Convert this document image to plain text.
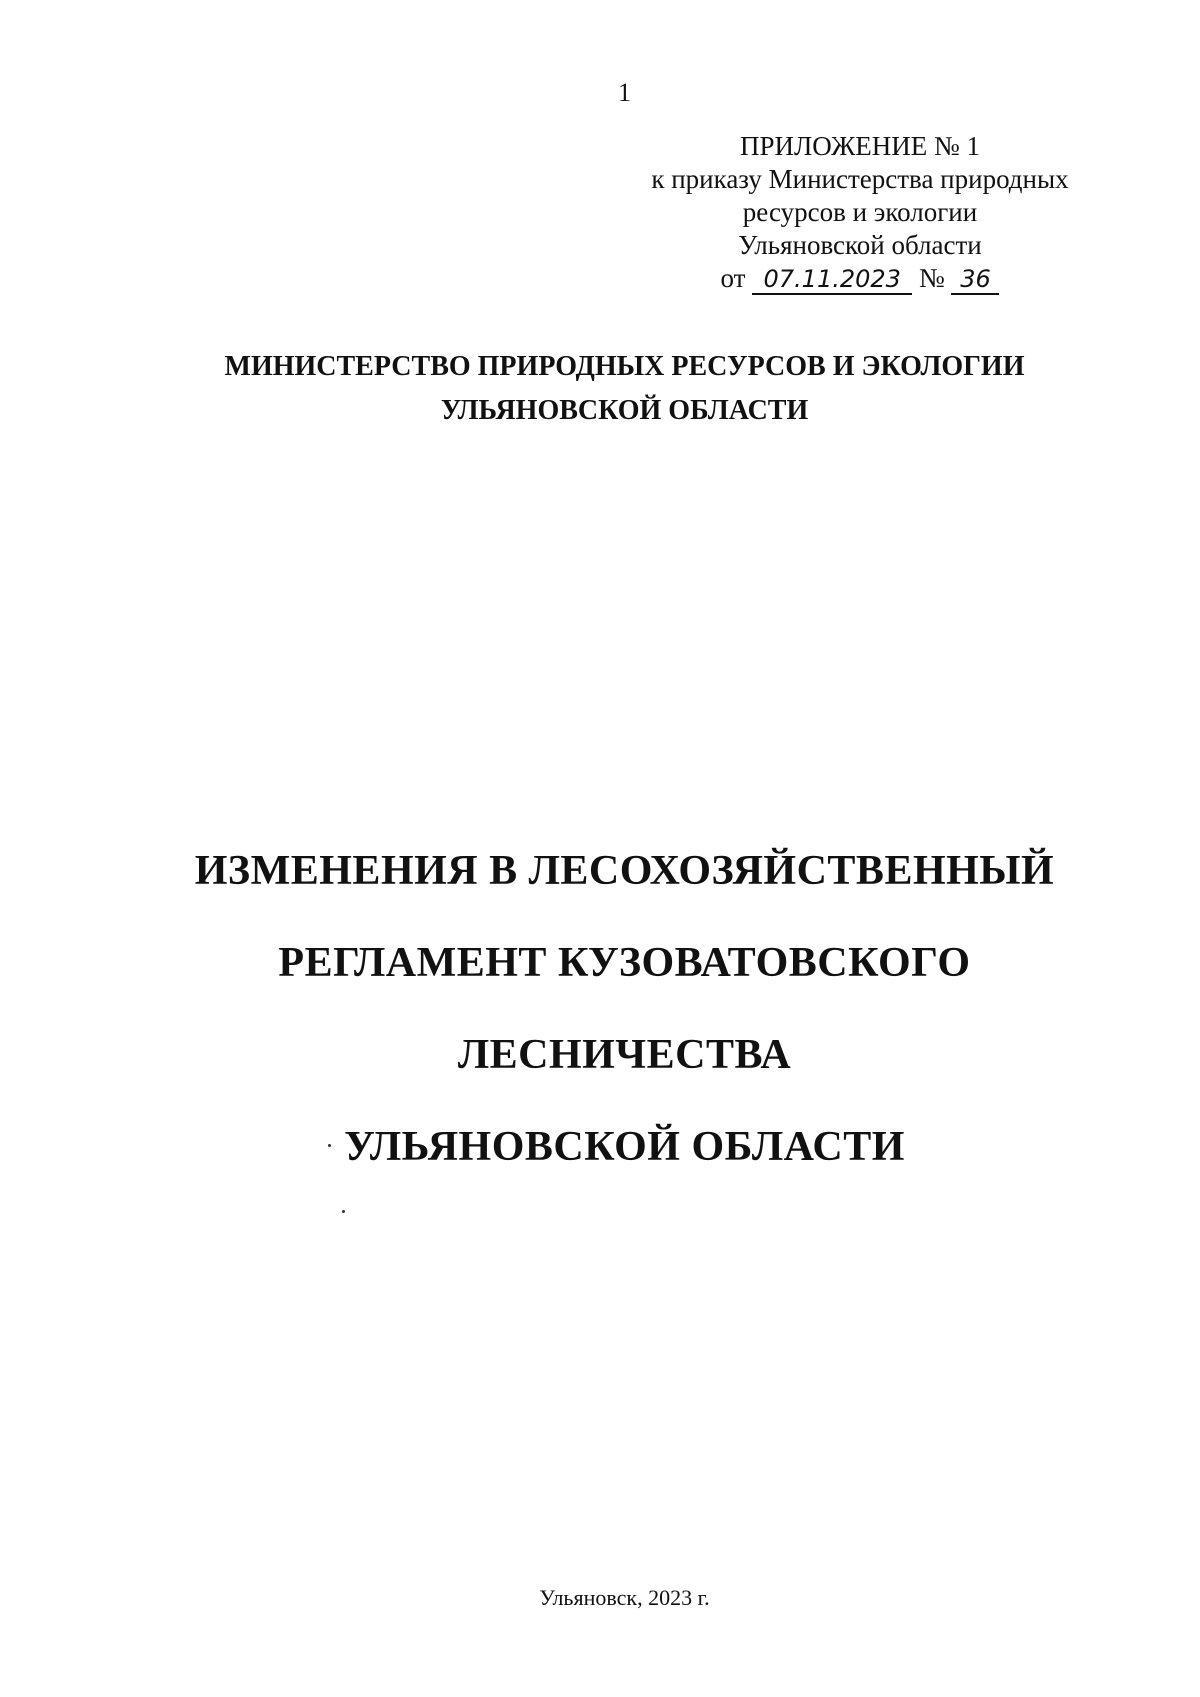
1
ПРИЛОЖЕНИЕ № 1
к приказу Министерства природных
ресурсов и экологии
Ульяновской области
от 07.11.2023 № 36
МИНИСТЕРСТВО ПРИРОДНЫХ РЕСУРСОВ И ЭКОЛОГИИ
УЛЬЯНОВСКОЙ ОБЛАСТИ
ИЗМЕНЕНИЯ В ЛЕСОХОЗЯЙСТВЕННЫЙ
РЕГЛАМЕНТ КУЗОВАТОВСКОГО
ЛЕСНИЧЕСТВА
УЛЬЯНОВСКОЙ ОБЛАСТИ
Ульяновск, 2023 г.
